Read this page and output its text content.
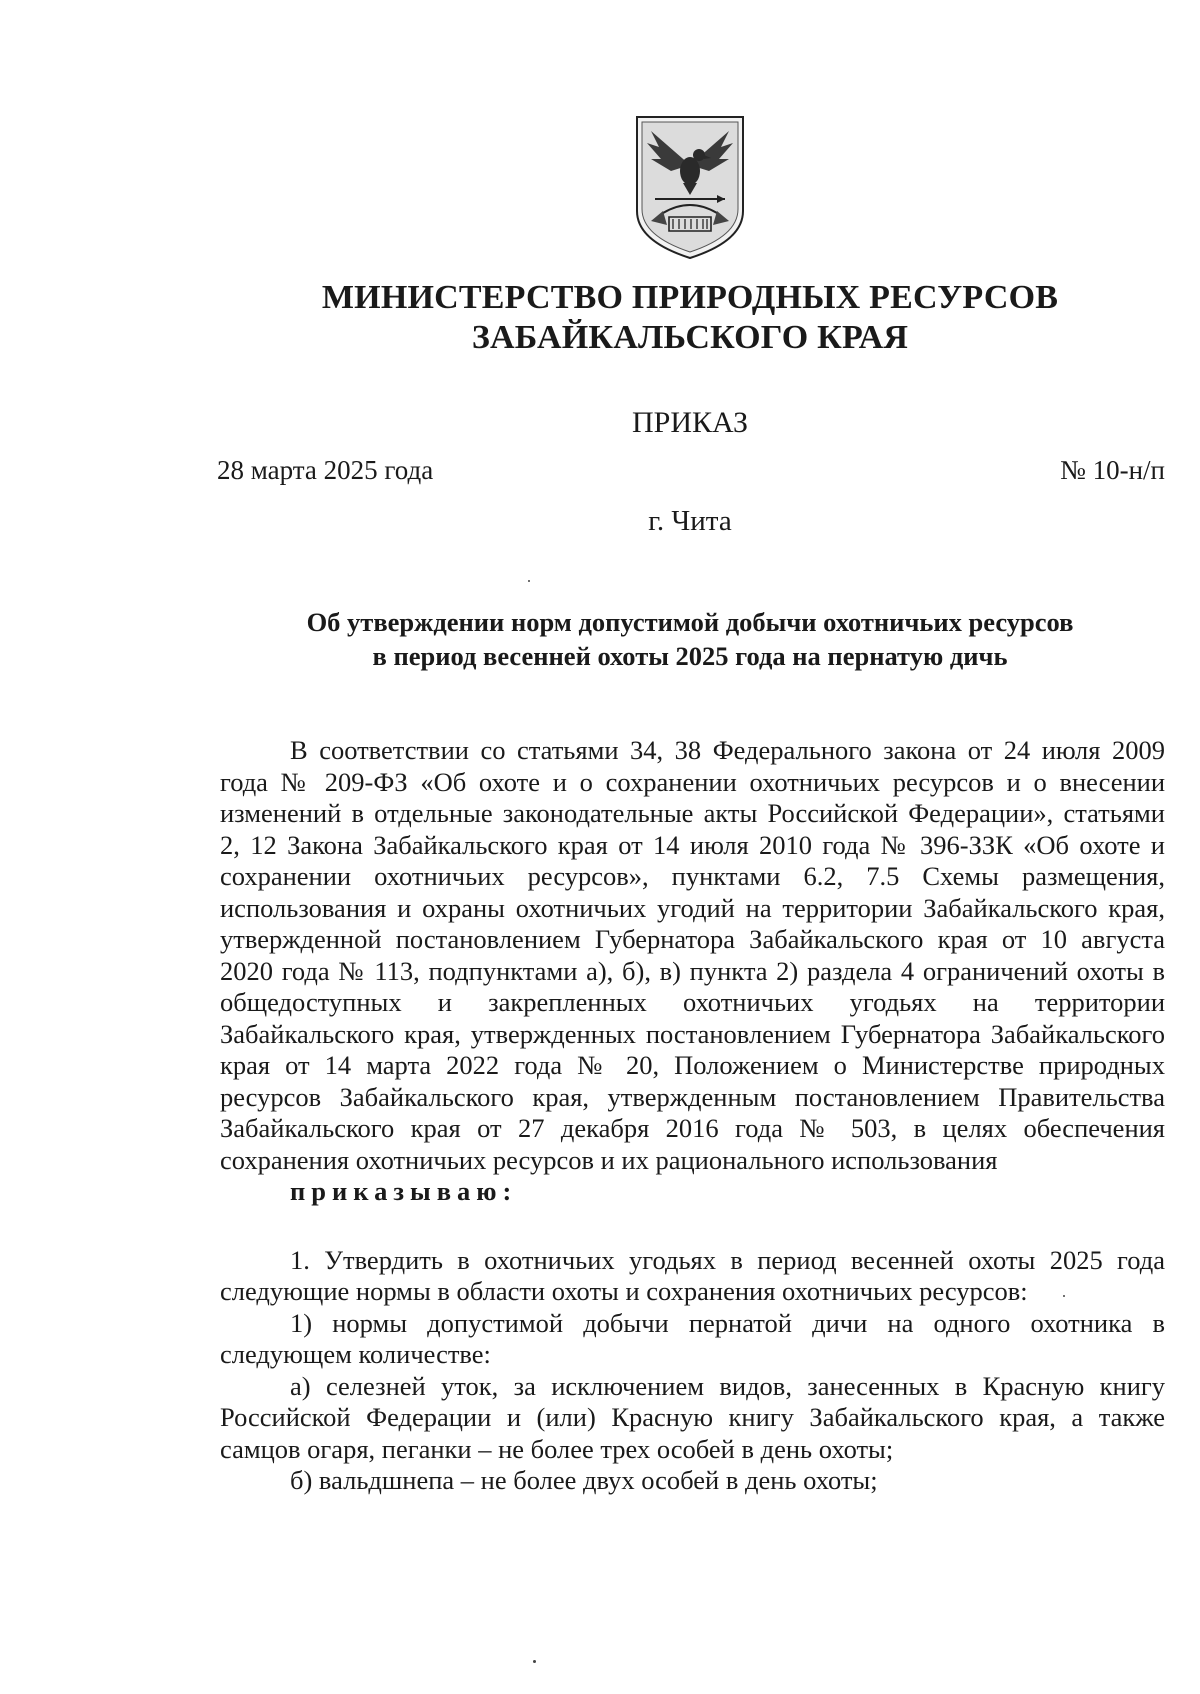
МИНИСТЕРСТВО ПРИРОДНЫХ РЕСУРСОВ
ЗАБАЙКАЛЬСКОГО КРАЯ
ПРИКАЗ
28 марта 2025 года	№ 10-н/п
г. Чита
Об утверждении норм допустимой добычи охотничьих ресурсов
в период весенней охоты 2025 года на пернатую дичь

В соответствии со статьями 34, 38 Федерального закона от 24 июля 2009 года № 209-ФЗ «Об охоте и о сохранении охотничьих ресурсов и о внесении изменений в отдельные законодательные акты Российской Федерации», статьями 2, 12 Закона Забайкальского края от 14 июля 2010 года № 396-ЗЗК «Об охоте и сохранении охотничьих ресурсов», пунктами 6.2, 7.5 Схемы размещения, использования и охраны охотничьих угодий на территории Забайкальского края, утвержденной постановлением Губернатора Забайкальского края от 10 августа 2020 года № 113, подпунктами а), б), в) пункта 2) раздела 4 ограничений охоты в общедоступных и закрепленных охотничьих угодьях на территории Забайкальского края, утвержденных постановлением Губернатора Забайкальского края от 14 марта 2022 года № 20, Положением о Министерстве природных ресурсов Забайкальского края, утвержденным постановлением Правительства Забайкальского края от 27 декабря 2016 года № 503, в целях обеспечения сохранения охотничьих ресурсов и их рационального использования

приказываю:

1. Утвердить в охотничьих угодьях в период весенней охоты 2025 года следующие нормы в области охоты и сохранения охотничьих ресурсов:

1) нормы допустимой добычи пернатой дичи на одного охотника в следующем количестве:

а) селезней уток, за исключением видов, занесенных в Красную книгу Российской Федерации и (или) Красную книгу Забайкальского края, а также самцов огаря, пеганки – не более трех особей в день охоты;

б) вальдшнепа – не более двух особей в день охоты;
